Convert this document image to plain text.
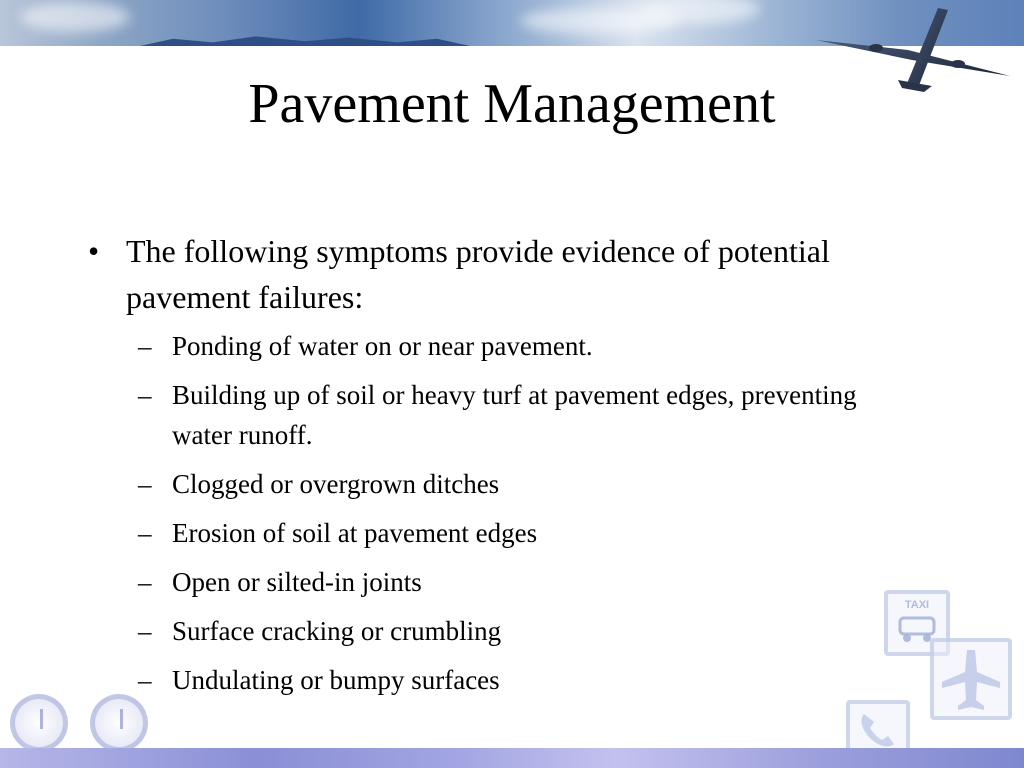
Pavement Management
• The following symptoms provide evidence of potential pavement failures:
– Ponding of water on or near pavement.
– Building up of soil or heavy turf at pavement edges, preventing water runoff.
– Clogged or overgrown ditches
– Erosion of soil at pavement edges
– Open or silted-in joints
– Surface cracking or crumbling
– Undulating or bumpy surfaces
TAXI
